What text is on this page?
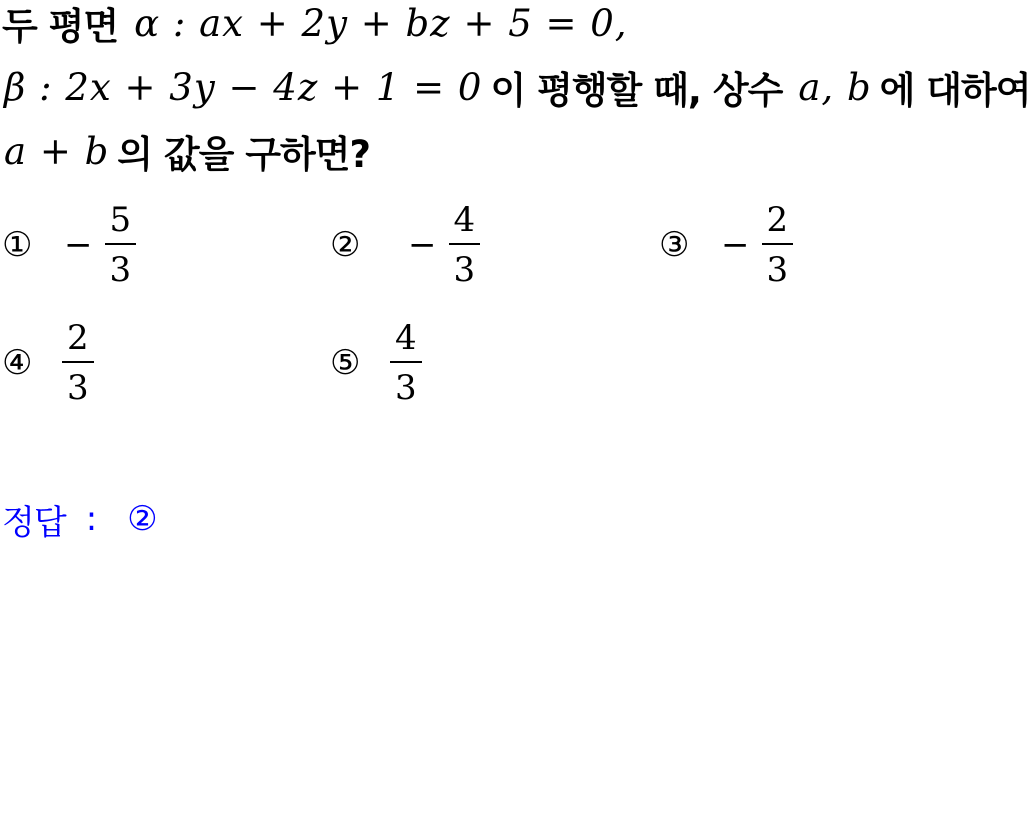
두 평면 α : ax + 2y + bz + 5 = 0,
β : 2x + 3y − 4z + 1 = 0 이 평행할 때, 상수 a, b 에 대하여
a + b 의 값을 구하면?
① − $\frac{5}{3}$	②	− $\frac{4}{3}$	③ − $\frac{2}{3}$
④ $\frac{2}{3}$	⑤ $\frac{4}{3}$
정답 : ②
